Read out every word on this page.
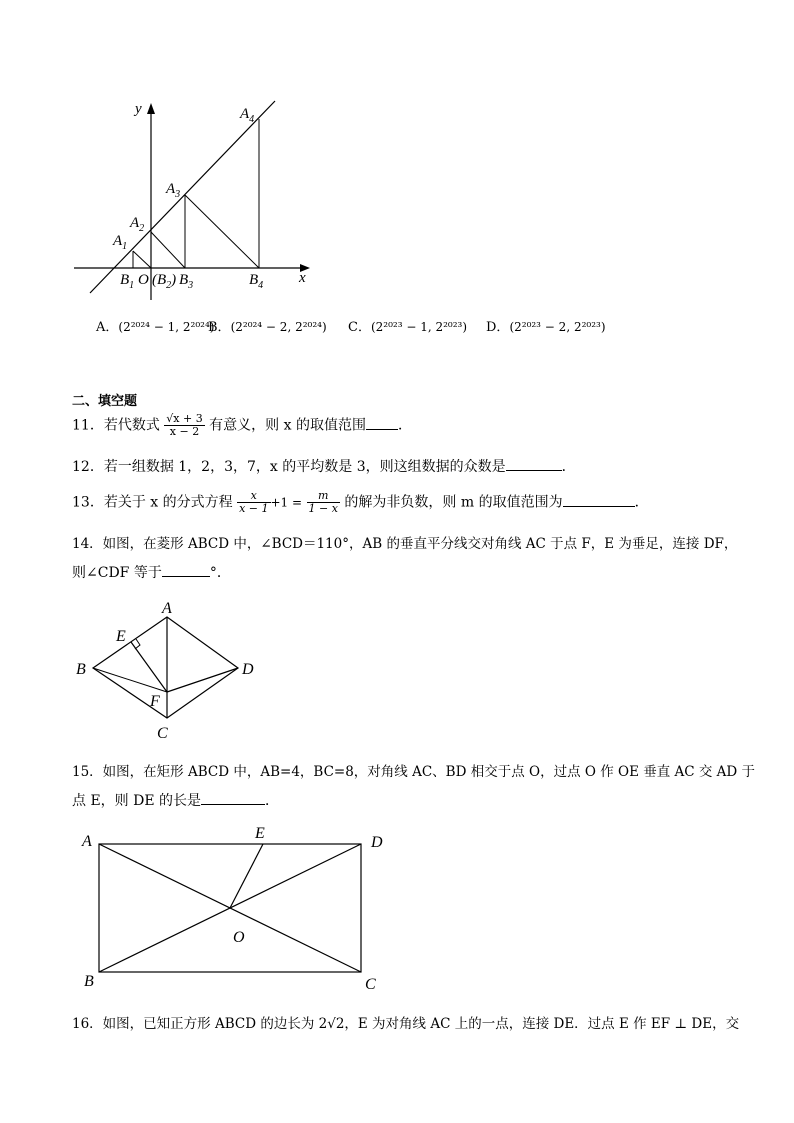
y
x
$A_4$
$A_3$
$A_2$
$A_1$
$B_1$ O $(B_2)$ $B_3$	$B_4$
A．(2²⁰²⁴ − 1, 2²⁰²⁴)
B．(2²⁰²⁴ − 2, 2²⁰²⁴) C．(2²⁰²³ − 1, 2²⁰²³) D．(2²⁰²³ − 2, 2²⁰²³)
二、填空题
11．若代数式 $\frac{√x + 3}{x - 2}$ 有意义，则 x 的取值范围 ．
12．若一组数据 1，2，3，7，x 的平均数是 3，则这组数据的众数是	．
13．若关于 x 的分式方程 $\frac{x}{x - 1} +1 = \frac{m}{1 - x}$ 的解为非负数，则 m 的取值范围为	．
14．如图，在菱形 ABCD 中，∠BCD＝110°，AB 的垂直平分线交对角线 AC 于点 F，E 为垂足，连接 DF，
则∠CDF 等于	°．
A
B
C
D
E
F
15．如图，在矩形 ABCD 中，AB=4，BC=8，对角线 AC、BD 相交于点 O，过点 O 作 OE 垂直 AC 交 AD 于
点 E，则 DE 的长是	．
A
B	C
D
E
O
16．如图，已知正方形 ABCD 的边长为 2√2，E 为对角线 AC 上的一点，连接 DE．过点 E 作 EF ⊥ DE，交
